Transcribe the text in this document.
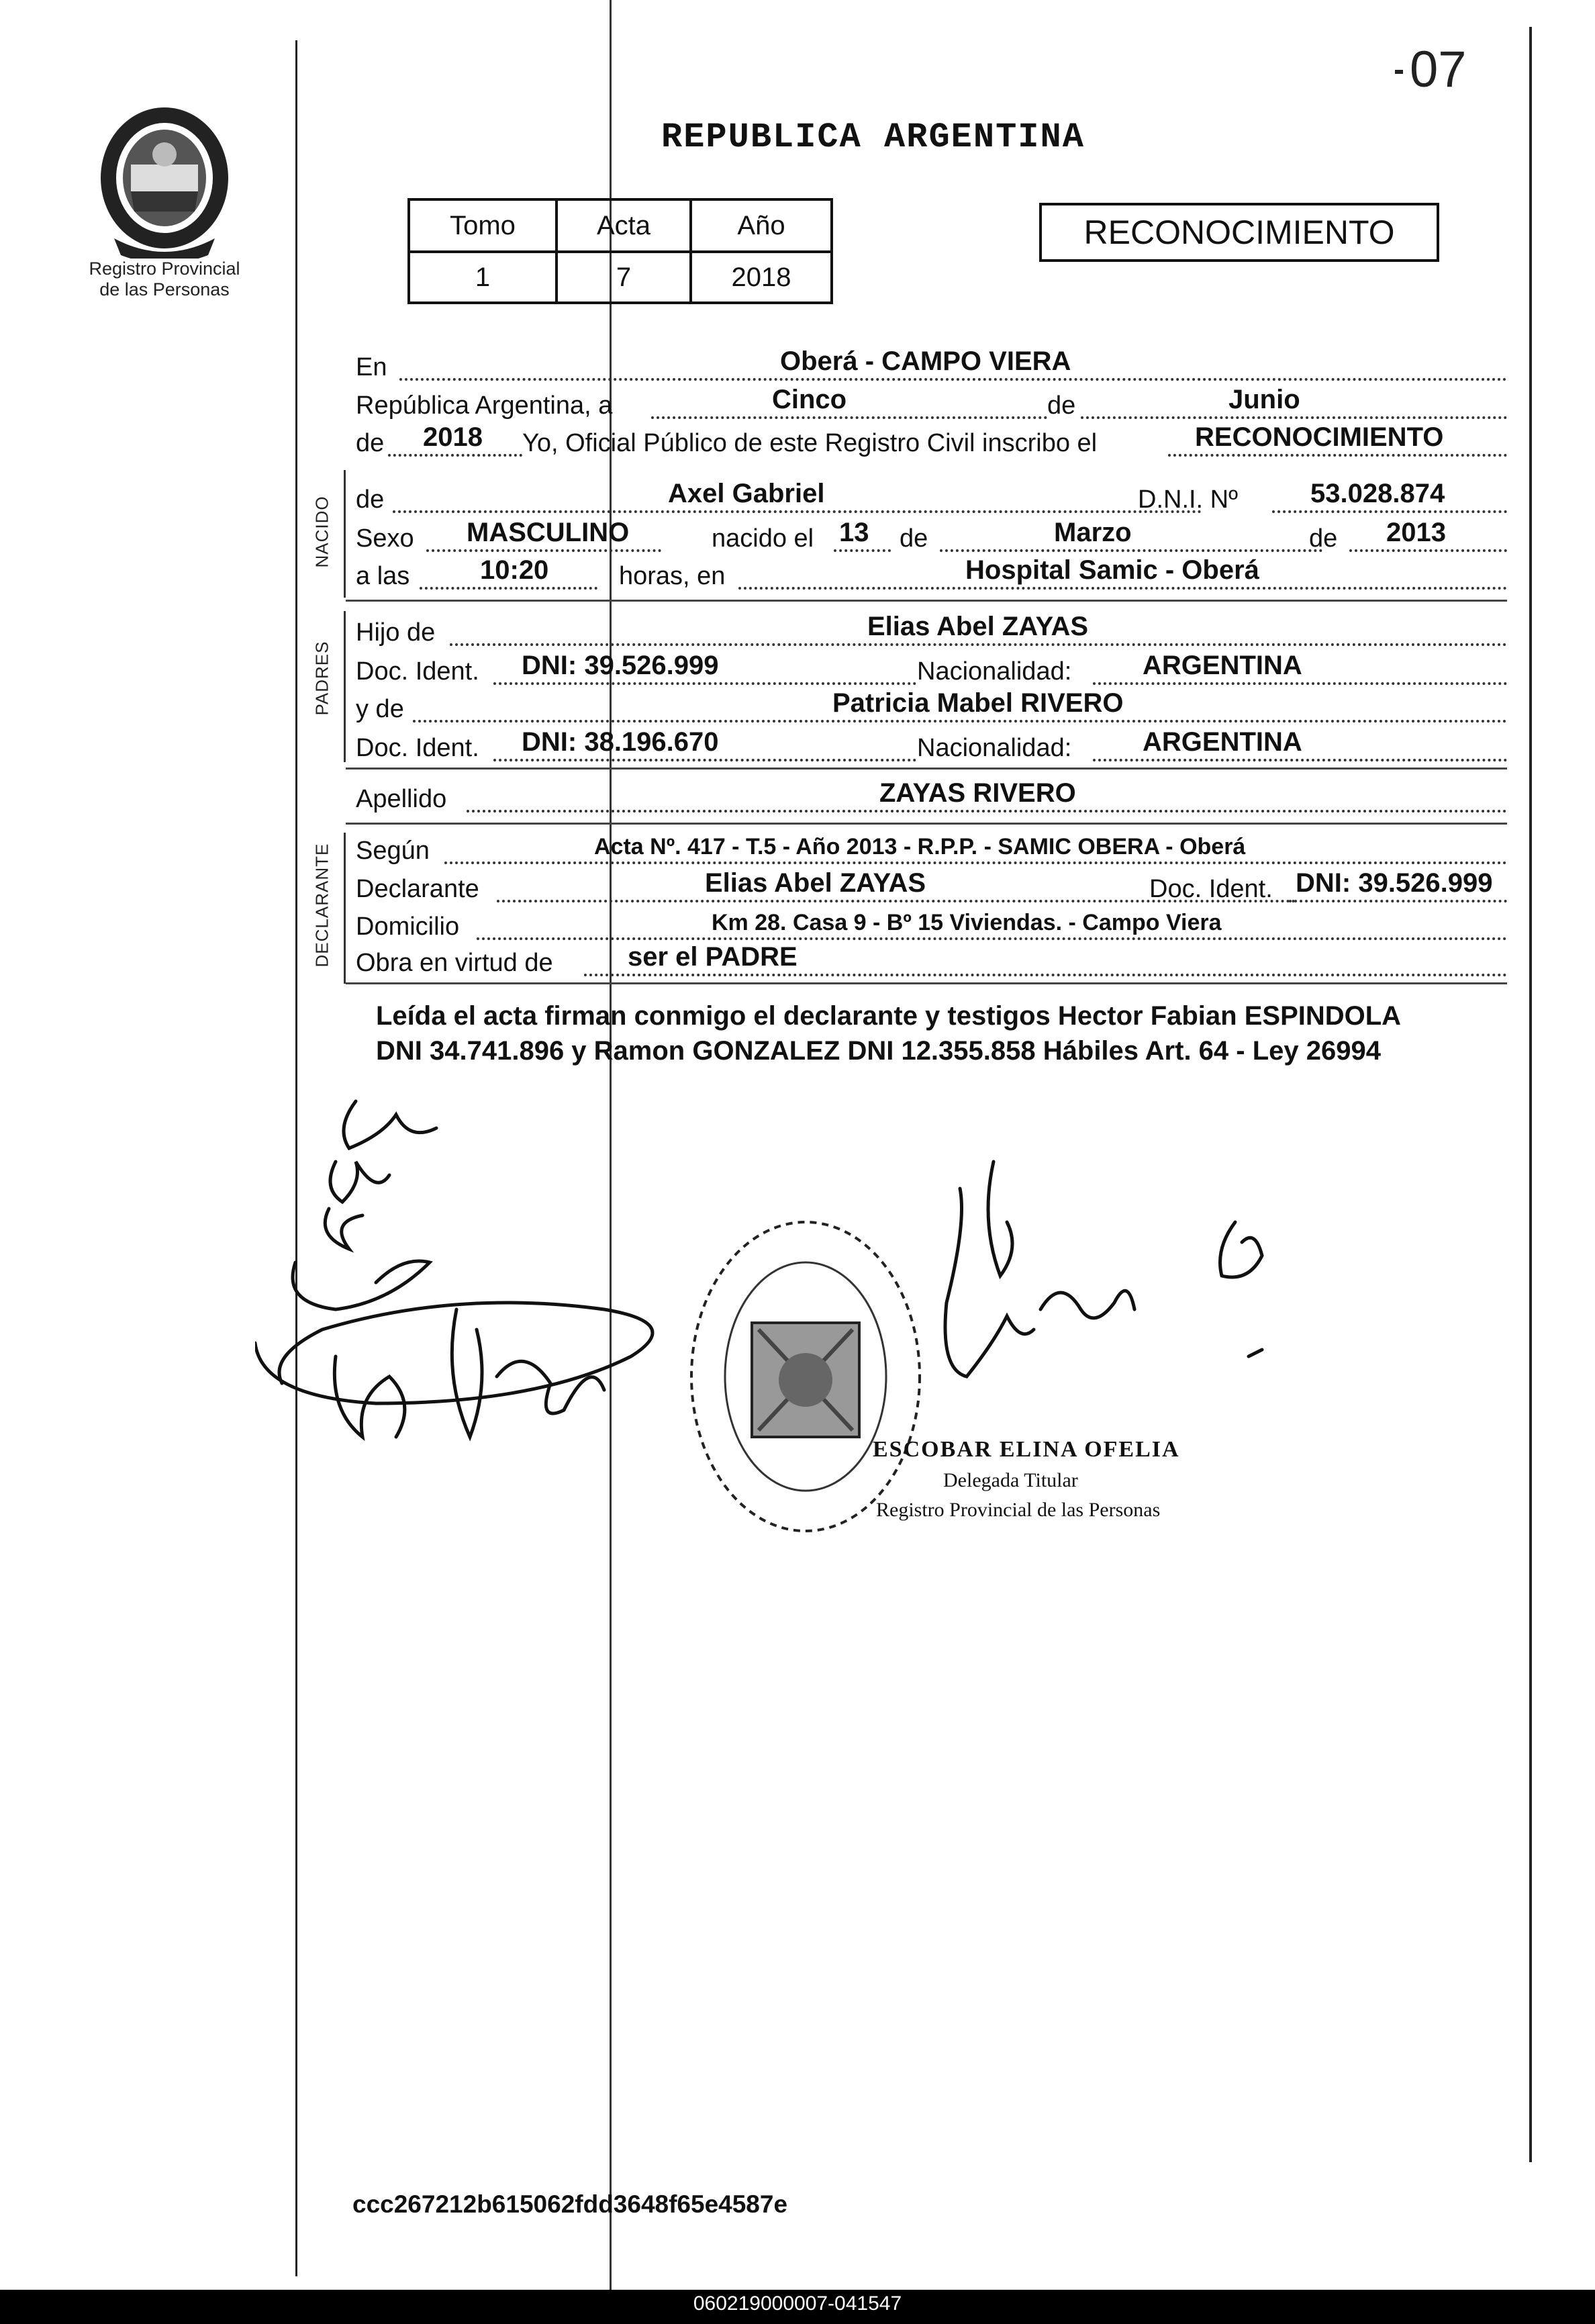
07
Registro Provincial
de las Personas
REPUBLICA ARGENTINA
Tomo	Acta	Año
1	7	2018
RECONOCIMIENTO
En	Oberá - CAMPO VIERA
República Argentina, a	Cinco	de	Junio
de 2018 Yo, Oficial Público de este Registro Civil inscribo el	RECONOCIMIENTO
NACIDO de	Axel Gabriel	D.N.I. Nº	53.028.874
Sexo MASCULINO	nacido el 13 de	Marzo	de 2013
a las	10:20	horas, en	Hospital Samic - Oberá
PADRES
Hijo de	Elias Abel ZAYAS
Doc. Ident. DNI: 39.526.999	Nacionalidad:	ARGENTINA
y de	Patricia Mabel RIVERO
Doc. Ident. DNI: 38.196.670	Nacionalidad:	ARGENTINA
Apellido	ZAYAS RIVERO
DECLARANTE Según	Acta Nº. 417 - T.5 - Año 2013 - R.P.P. - SAMIC OBERA - Oberá
Declarante	Elias Abel ZAYAS	Doc. Ident. DNI: 39.526.999
Domicilio	Km 28. Casa 9 - Bº 15 Viviendas. - Campo Viera
Obra en virtud de	ser el PADRE
Leída el acta firman conmigo el declarante y testigos Hector Fabian ESPINDOLA
DNI 34.741.896 y Ramon GONZALEZ DNI 12.355.858 Hábiles Art. 64 - Ley 26994
ESCOBAR ELINA OFELIA
Delegada Titular
Registro Provincial de las Personas
ccc267212b615062fdd3648f65e4587e
060219000007-041547
